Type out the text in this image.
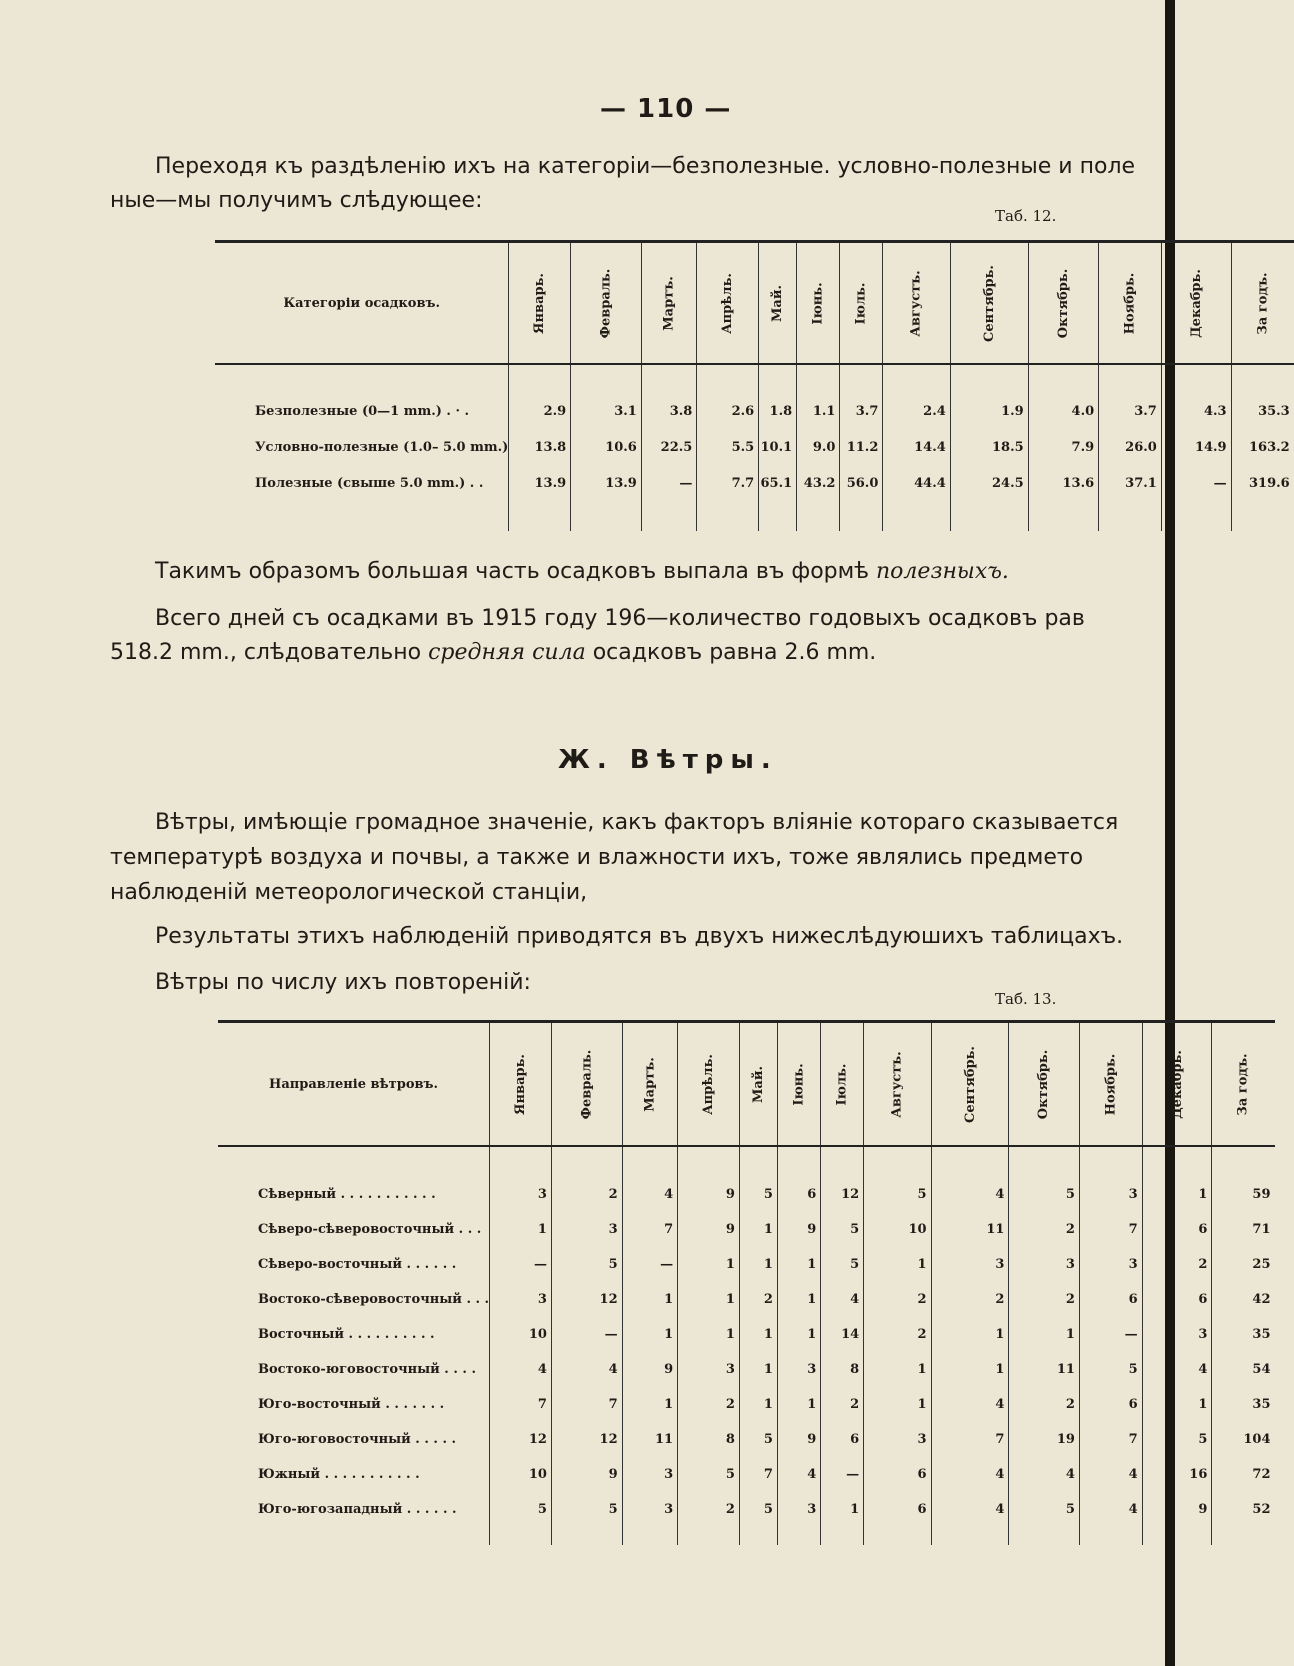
— 110 —
Переходя къ раздѣленію ихъ на категоріи—безполезные. условно-полезные и поле
ные—мы получимъ слѣдующее:
Таб. 12.
Категоріи осадковъ.	Январь.	Февраль.	Мартъ.	Апрѣль.	Май.	Іюнь.	Іюль.	Августъ.	Сентябрь.	Октябрь.	Ноябрь.	Декабрь.	За годъ.

Безполезные (0—1 mm.) . · .	2.9	3.1	3.8	2.6	1.8	1.1	3.7	2.4	1.9	4.0	3.7	4.3	35.3
Условно-полезные (1.0– 5.0 mm.)	13.8	10.6	22.5	5.5	10.1	9.0	11.2	14.4	18.5	7.9	26.0	14.9	163.2
Полезные (свыше 5.0 mm.) . .	13.9	13.9	—	7.7	65.1	43.2	56.0	44.4	24.5	13.6	37.1	—	319.6

Такимъ образомъ большая часть осадковъ выпала въ формѣ полезныхъ.
Всего дней съ осадками въ 1915 году 196—количество годовыхъ осадковъ рав
518.2 mm., слѣдовательно средняя сила осадковъ равна 2.6 mm.
Ж. Вѣтры.
Вѣтры, имѣющіе громадное значеніе, какъ факторъ вліяніе котораго сказывается
температурѣ воздуха и почвы, а также и влажности ихъ, тоже являлись предмето
наблюденій метеорологической станціи,
Результаты этихъ наблюденій приводятся въ двухъ нижеслѣдуюшихъ таблицахъ.
Вѣтры по числу ихъ повтореній:
Таб. 13.
Направленіе вѣтровъ.	Январь.	Февраль.	Мартъ.	Апрѣль.	Май.	Іюнь.	Іюль.	Августъ.	Сентябрь.	Октябрь.	Ноябрь.	Декабрь.	За годъ.

Сѣверный . . . . . . . . . . .	3	2	4	9	5	6	12	5	4	5	3	1	59
Сѣверо-сѣверовосточный . . .	1	3	7	9	1	9	5	10	11	2	7	6	71
Сѣверо-восточный . . . . . .	—	5	—	1	1	1	5	1	3	3	3	2	25
Востоко-сѣверовосточный . . .	3	12	1	1	2	1	4	2	2	2	6	6	42
Восточный . . . . . . . . . .	10	—	1	1	1	1	14	2	1	1	—	3	35
Востоко-юговосточный . . . .	4	4	9	3	1	3	8	1	1	11	5	4	54
Юго-восточный . . . . . . .	7	7	1	2	1	1	2	1	4	2	6	1	35
Юго-юговосточный . . . . .	12	12	11	8	5	9	6	3	7	19	7	5	104
Южный . . . . . . . . . . .	10	9	3	5	7	4	—	6	4	4	4	16	72
Юго-югозападный . . . . . .	5	5	3	2	5	3	1	6	4	5	4	9	52
